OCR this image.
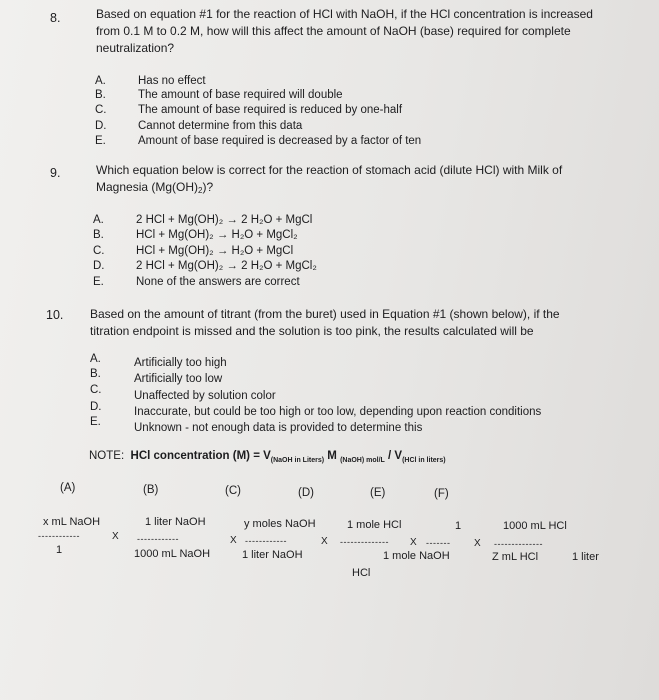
8.	Based on equation #1 for the reaction of HCl with NaOH, if the HCl concentration is increased
from 0.1 M to 0.2 M, how will this affect the amount of NaOH (base) required for complete
neutralization?
A.	Has no effect
B.	The amount of base required will double
C.	The amount of base required is reduced by one-half
D.	Cannot determine from this data
E.	Amount of base required is decreased by a factor of ten
9.	Which equation below is correct for the reaction of stomach acid (dilute HCl) with Milk of
Magnesia $(Mg(OH)_2)$?
A.	2 HCl + Mg(OH)₂ → 2 H₂O + MgCl
B.	HCl + Mg(OH)₂ → H₂O + MgCl₂
C.	HCl + Mg(OH)₂ → H₂O + MgCl
D.	2 HCl + Mg(OH)₂ → 2 H₂O + MgCl₂
E.	None of the answers are correct
10. Based on the amount of titrant (from the buret) used in Equation #1 (shown below), if the
titration endpoint is missed and the solution is too pink, the results calculated will be
A.	Artificially too high
B.	Artificially too low
C.	Unaffected by solution color
D.	Inaccurate, but could be too high or too low, depending upon reaction conditions
E.	Unknown - not enough data is provided to determine this
NOTE: HCl concentration $(M) = V_{(NaOH in Liters)}$ M $_{(NaOH) mol/L} / V_{(HCl in liters)}$
(A)	(B)	(C)	(D)	(E)	(F)
x mL NaOH	1 liter NaOH	y moles NaOH	1 mole HCl	1	1000 mL HCl
------------	X ------------	X ------------	X -------------- X ------- X --------------
1	1000 mL NaOH	1 liter NaOH	1 mole NaOH	Z mL HCl	1 liter
HCl
